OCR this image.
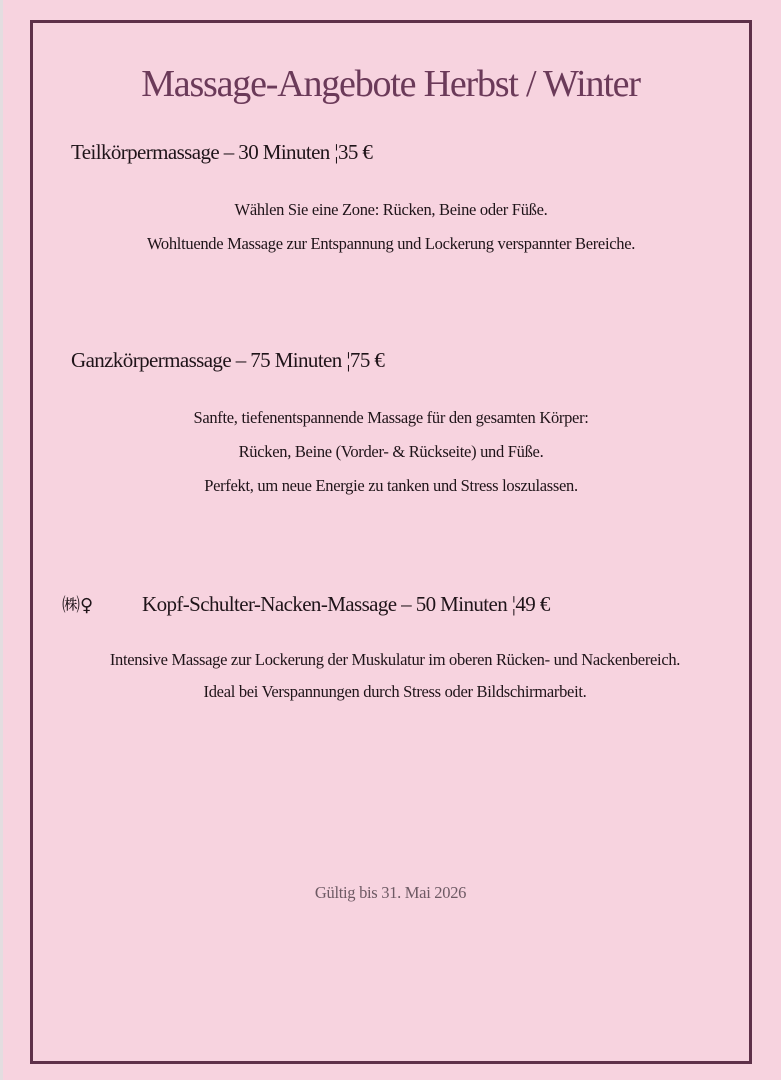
Massage-Angebote Herbst / Winter
Teilkörpermassage – 30 Minuten ¦35 €
Wählen Sie eine Zone: Rücken, Beine oder Füße.
Wohltuende Massage zur Entspannung und Lockerung verspannter Bereiche.
Ganzkörpermassage – 75 Minuten ¦75 €
Sanfte, tiefenentspannende Massage für den gesamten Körper:
Rücken, Beine (Vorder- & Rückseite) und Füße.
Perfekt, um neue Energie zu tanken und Stress loszulassen.
㈱♀ Kopf-Schulter-Nacken-Massage – 50 Minuten ¦49 €
Intensive Massage zur Lockerung der Muskulatur im oberen Rücken- und Nackenbereich.
Ideal bei Verspannungen durch Stress oder Bildschirmarbeit.
Gültig bis 31. Mai 2026
